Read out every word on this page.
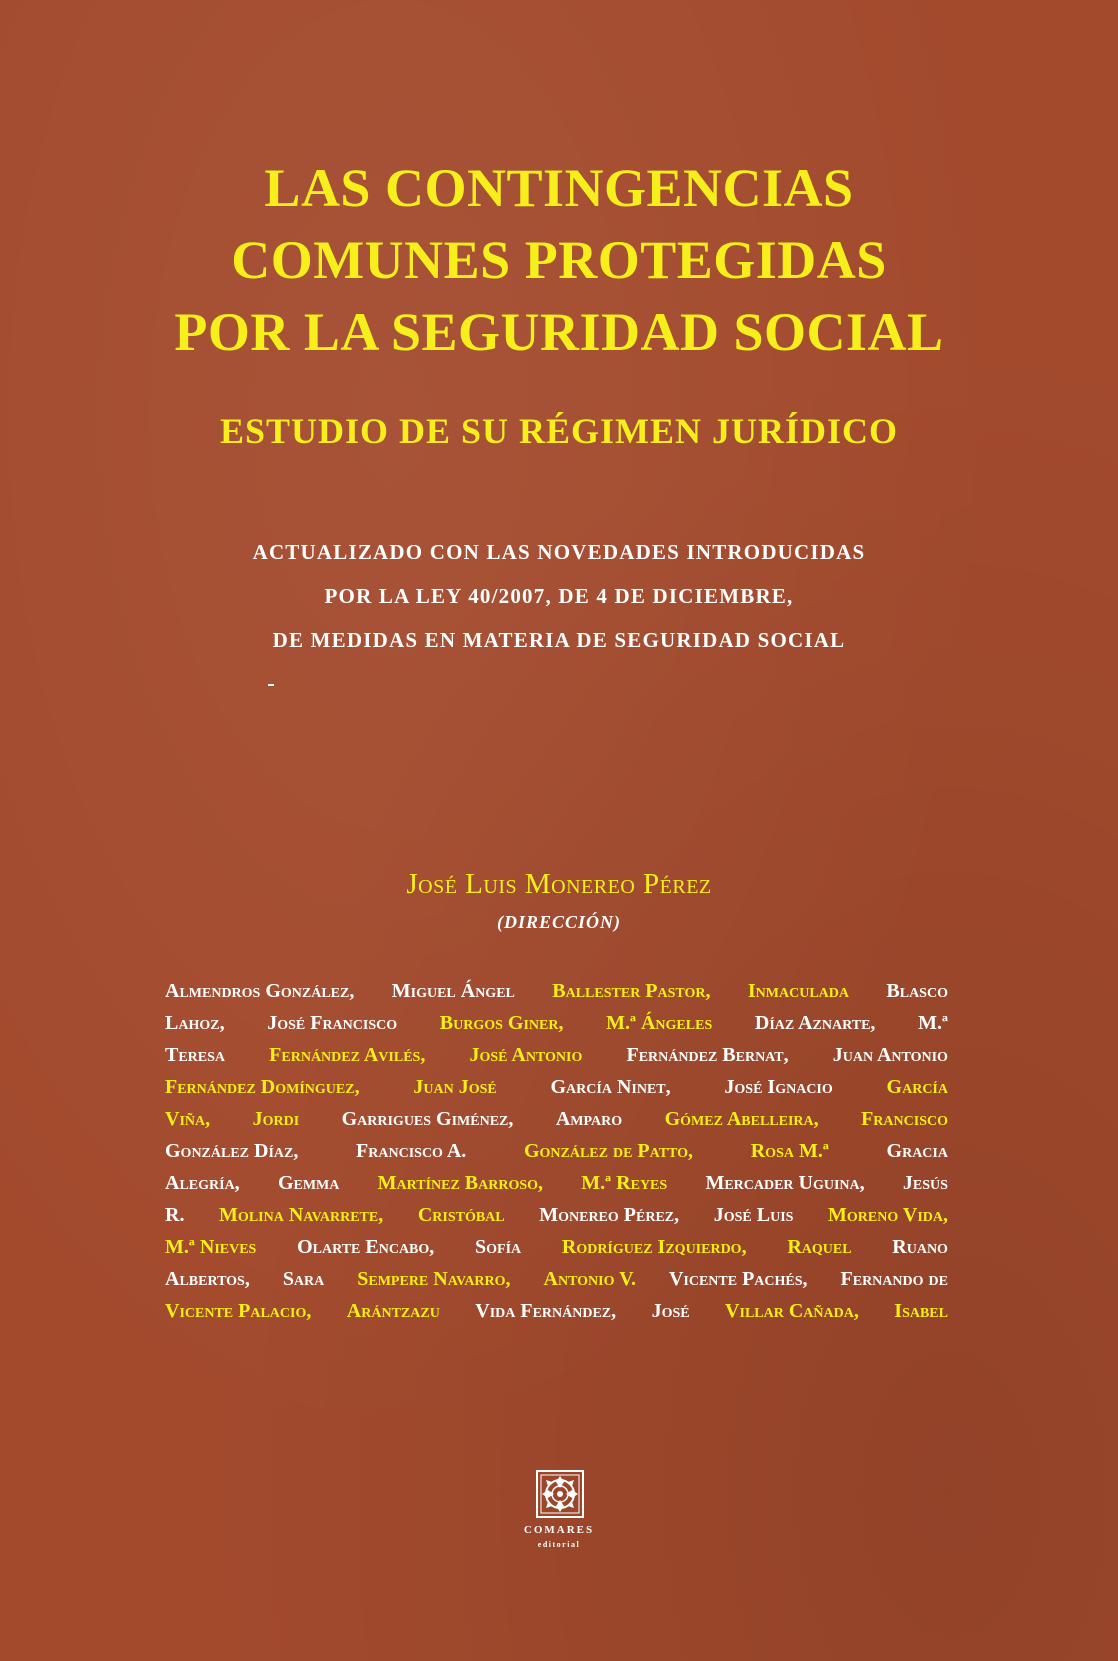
LAS CONTINGENCIAS
COMUNES PROTEGIDAS
POR LA SEGURIDAD SOCIAL
ESTUDIO DE SU RÉGIMEN JURÍDICO
ACTUALIZADO CON LAS NOVEDADES INTRODUCIDAS
POR LA LEY 40/2007, DE 4 DE DICIEMBRE,
DE MEDIDAS EN MATERIA DE SEGURIDAD SOCIAL
José Luis Monereo Pérez
(DIRECCIÓN)
Almendros González, Miguel Ángel Ballester Pastor, Inmaculada Blasco
Lahoz, José Francisco Burgos Giner, M.ª Ángeles Díaz Aznarte, M.ª
Teresa Fernández Avilés, José Antonio Fernández Bernat, Juan Antonio
Fernández Domínguez,	Juan José	García Ninet,	José Ignacio	García
Viña, Jordi Garrigues Giménez, Amparo Gómez Abelleira, Francisco
González Díaz,	Francisco A.	González de Patto,	Rosa M.ª	Gracia
Alegría, Gemma Martínez Barroso, M.ª Reyes Mercader Uguina, Jesús
R. Molina Navarrete, Cristóbal Monereo Pérez, José Luis Moreno Vida,
M.ª Nieves Olarte Encabo, Sofía Rodríguez Izquierdo, Raquel Ruano
Albertos, Sara Sempere Navarro, Antonio V. Vicente Pachés, Fernando de
Vicente Palacio, Arántzazu Vida Fernández, José Villar Cañada, Isabel
COMARES
editorial
